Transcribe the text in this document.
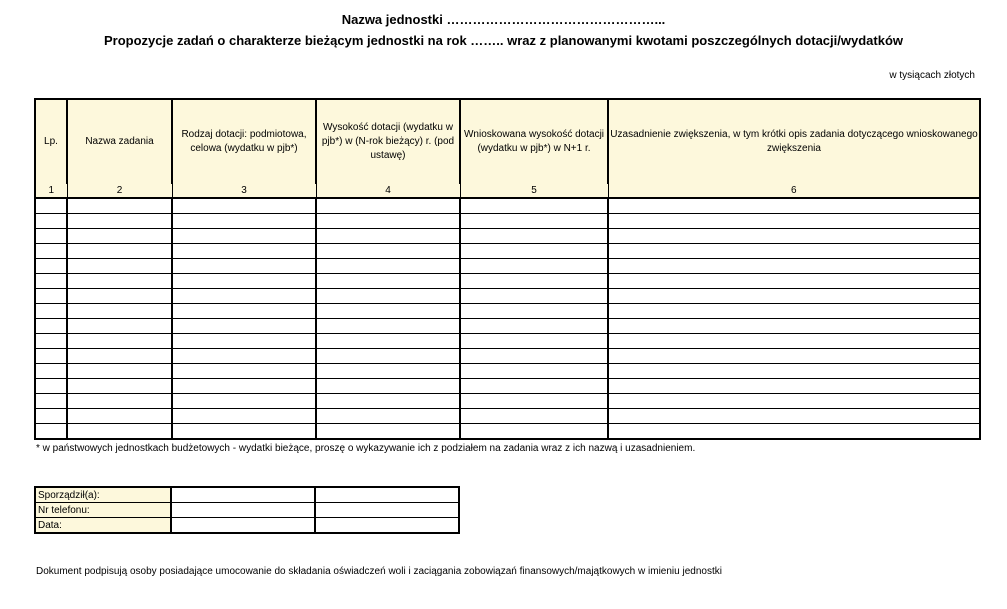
Nazwa jednostki …………………………………………...
Propozycje zadań o charakterze bieżącym jednostki na rok …….. wraz z planowanymi kwotami poszczególnych dotacji/wydatków
w tysiącach złotych
Lp.	Nazwa zadania	Rodzaj dotacji: podmiotowa, celowa (wydatku w pjb*)	Wysokość dotacji (wydatku w pjb*) w (N-rok bieżący) r. (pod ustawę)	Wnioskowana wysokość dotacji (wydatku w pjb*) w N+1 r.	Uzasadnienie zwiększenia, w tym krótki opis zadania dotyczącego wnioskowanego zwiększenia
1	2	3	4	5	6

* w państwowych jednostkach budżetowych - wydatki bieżące, proszę o wykazywanie ich z podziałem na zadania wraz z ich nazwą i uzasadnieniem.
Sporządził(a):		
Nr telefonu:		
Data:		
Dokument podpisują osoby posiadające umocowanie do składania oświadczeń woli i zaciągania zobowiązań finansowych/majątkowych w imieniu jednostki
